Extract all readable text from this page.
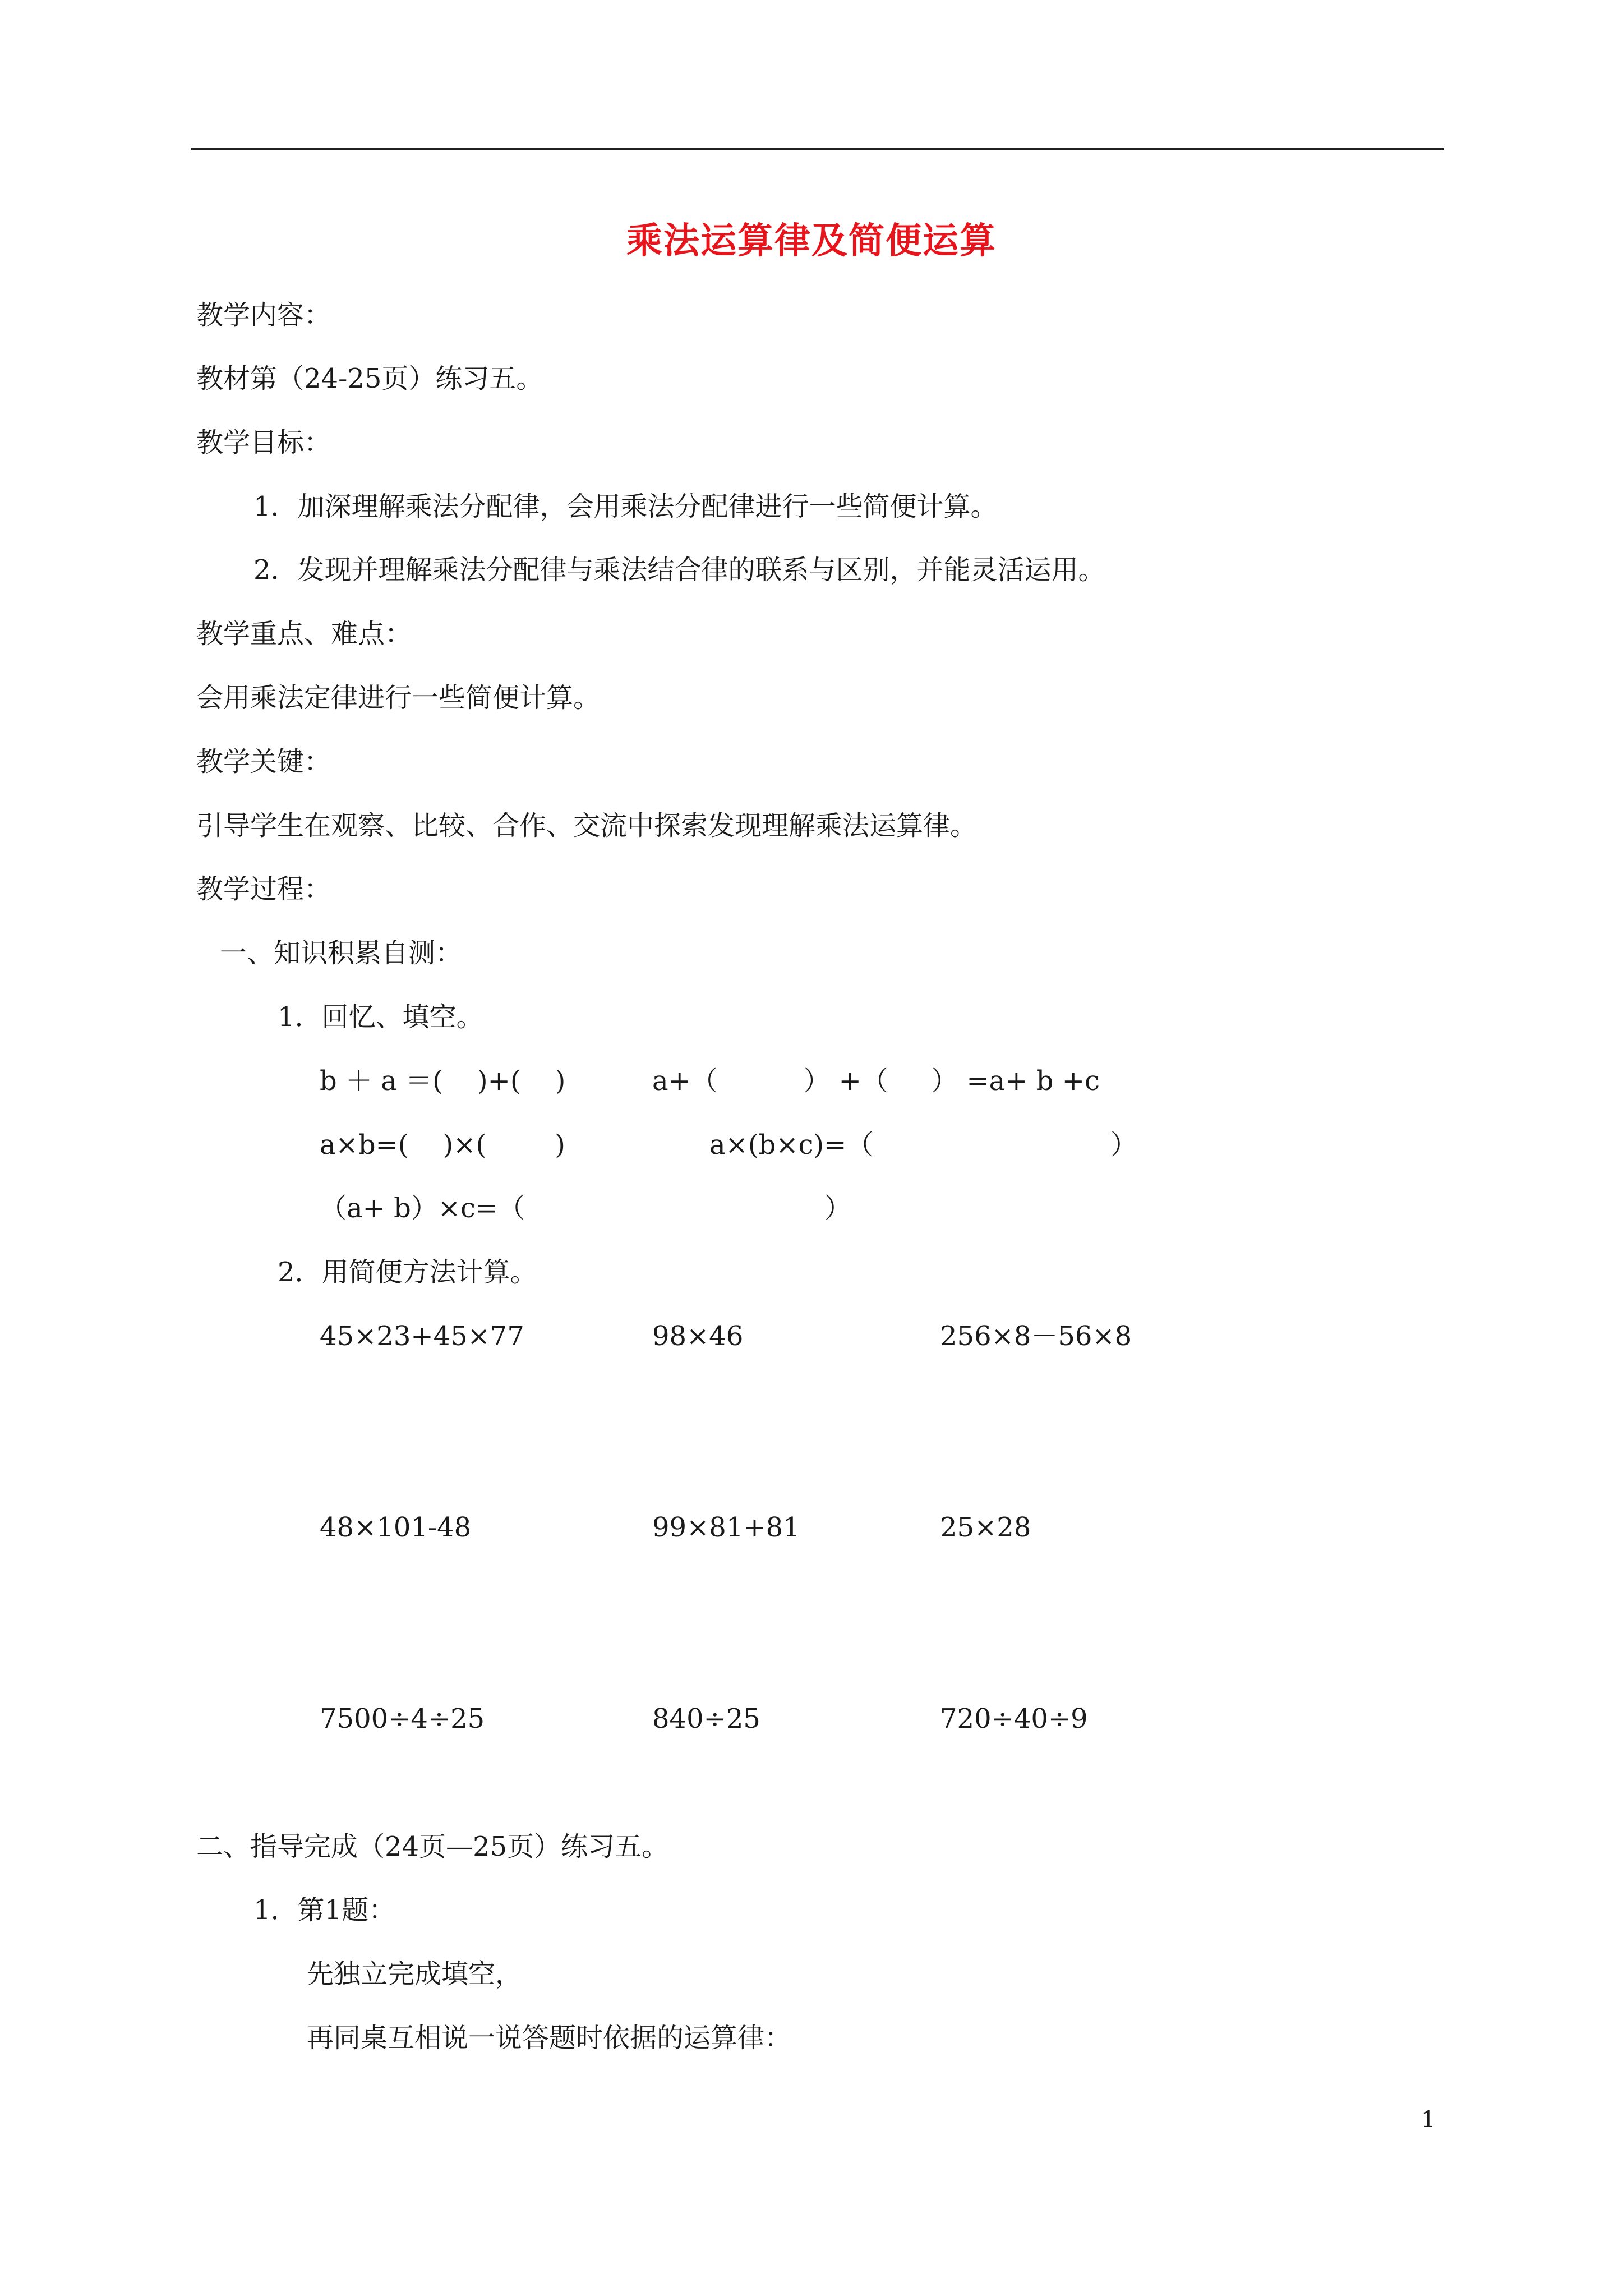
乘法运算律及简便运算
教学内容：
教材第（24-25页）练习五。
教学目标：
1．加深理解乘法分配律，会用乘法分配律进行一些简便计算。
2．发现并理解乘法分配律与乘法结合律的联系与区别，并能灵活运用。
教学重点、难点：
会用乘法定律进行一些简便计算。
教学关键：
引导学生在观察、比较、合作、交流中探索发现理解乘法运算律。
教学过程：
一、知识积累自测：
1．回忆、填空。
b ＋ a ＝(    )+(    )	a+（          ） +（     ） =a+ b +c
a×b=(    )×(        )	a×(b×c)=（	）
（a+ b）×c=（	）
2．用简便方法计算。
45×23+45×77	98×46	256×8－56×8
48×101-48	99×81+81	25×28
7500÷4÷25	840÷25	720÷40÷9
二、指导完成（24页—25页）练习五。
1．第1题：
先独立完成填空，
再同桌互相说一说答题时依据的运算律：
1
